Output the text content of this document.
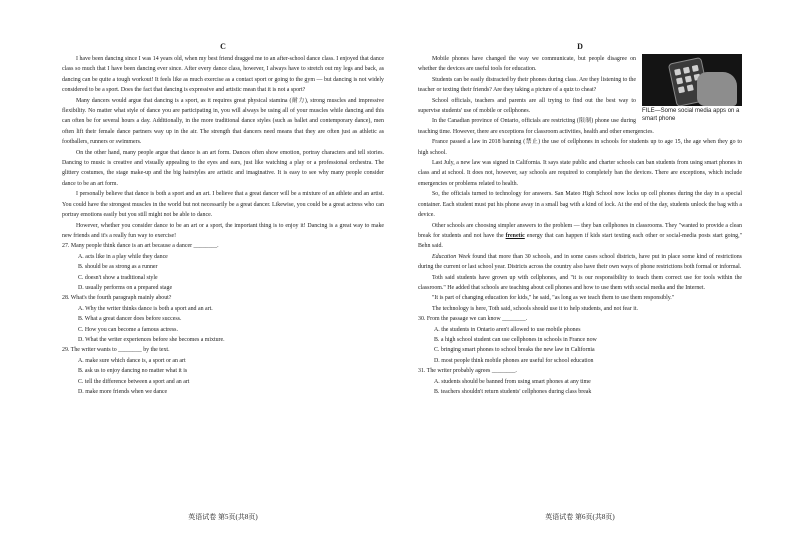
C

I have been dancing since I was 14 years old, when my best friend dragged me to an after-school dance class. I enjoyed that dance class so much that I have been dancing ever since. After every dance class, however, I always have to stretch out my legs and back, as dancing can be quite a tough workout! It feels like as much exercise as a contact sport or going to the gym — but dancing is not widely considered to be a sport. Does the fact that dancing is expressive and artistic mean that it is not a sport?

Many dancers would argue that dancing is a sport, as it requires great physical stamina (耐力), strong muscles and impressive flexibility. No matter what style of dance you are participating in, you will always be using all of your muscles while dancing and this can often be for several hours a day. Additionally, in the more traditional dance styles (such as ballet and contemporary dance), men often lift their female dance partners way up in the air. The strength that dancers need means that they are often just as athletic as footballers, runners or swimmers.

On the other hand, many people argue that dance is an art form. Dances often show emotion, portray characters and tell stories. Dancing to music is creative and visually appealing to the eyes and ears, just like watching a play or a professional orchestra. The glittery costumes, the stage make-up and the big hairstyles are artistic and imaginative. It is easy to see why many people consider dance to be an art form.

I personally believe that dance is both a sport and an art. I believe that a great dancer will be a mixture of an athlete and an artist. You could have the strongest muscles in the world but not necessarily be a great dancer. Likewise, you could be a great actress who can portray emotions easily but you still might not be able to dance.

However, whether you consider dance to be an art or a sport, the important thing is to enjoy it! Dancing is a great way to make new friends and it's a really fun way to exercise!

27. Many people think dance is an art because a dancer ________.

A. acts like in a play while they dance

B. should be as strong as a runner

C. doesn't show a traditional style

D. usually performs on a prepared stage

28. What's the fourth paragraph mainly about?

A. Why the writer thinks dance is both a sport and an art.

B. What a great dancer does before success.

C. How you can become a famous actress.

D. What the writer experiences before she becomes a mixture.

29. The writer wants to ________ by the text.

A. make sure which dance is, a sport or an art

B. ask us to enjoy dancing no matter what it is

C. tell the difference between a sport and an art

D. make more friends when we dance

D
FILE—Some social media apps on a smart phone

Mobile phones have changed the way we communicate, but people disagree on whether the devices are useful tools for education.

Students can be easily distracted by their phones during class. Are they listening to the teacher or texting their friends? Are they taking a picture of a quiz to cheat?

School officials, teachers and parents are all trying to find out the best way to supervise students' use of mobile or cellphones.

In the Canadian province of Ontario, officials are restricting (限制) phone use during teaching time. However, there are exceptions for classroom activities, health and other emergencies.

France passed a law in 2018 banning (禁止) the use of cellphones in schools for students up to age 15, the age when they go to high school.

Last July, a new law was signed in California. It says state public and charter schools can ban students from using smart phones in class and at school. It does not, however, say schools are required to completely ban the devices. There are exceptions, which include emergencies or problems related to health.

So, the officials turned to technology for answers. San Mateo High School now locks up cell phones during the day in a special container. Each student must put his phone away in a small bag with a kind of lock. At the end of the day, students unlock the bag with a device.

Other schools are choosing simpler answers to the problem — they ban cellphones in classrooms. They "wanted to provide a clean break for students and not have the frenetic energy that can happen if kids start texting each other or social-media posts start going," Behn said.

Education Week found that more than 30 schools, and in some cases school districts, have put in place some kind of restrictions during the current or last school year. Districts across the country also have their own ways of phone restrictions both formal or informal.

Toth said students have grown up with cellphones, and "it is our responsibility to teach them correct use for tools within the classroom." He added that schools are teaching about cell phones and how to use them with social media and the Internet.

"It is part of changing education for kids," he said, "as long as we teach them to use them responsibly."

The technology is here, Toth said, schools should use it to help students, and not fear it.

30. From the passage we can know ________.

A. the students in Ontario aren't allowed to use mobile phones

B. a high school student can use cellphones in schools in France now

C. bringing smart phones to school breaks the new law in California

D. most people think mobile phones are useful for school education

31. The writer probably agrees ________.

A. students should be banned from using smart phones at any time

B. teachers shouldn't return students' cellphones during class break

英语试卷 第5页(共8页)	英语试卷 第6页(共8页)
